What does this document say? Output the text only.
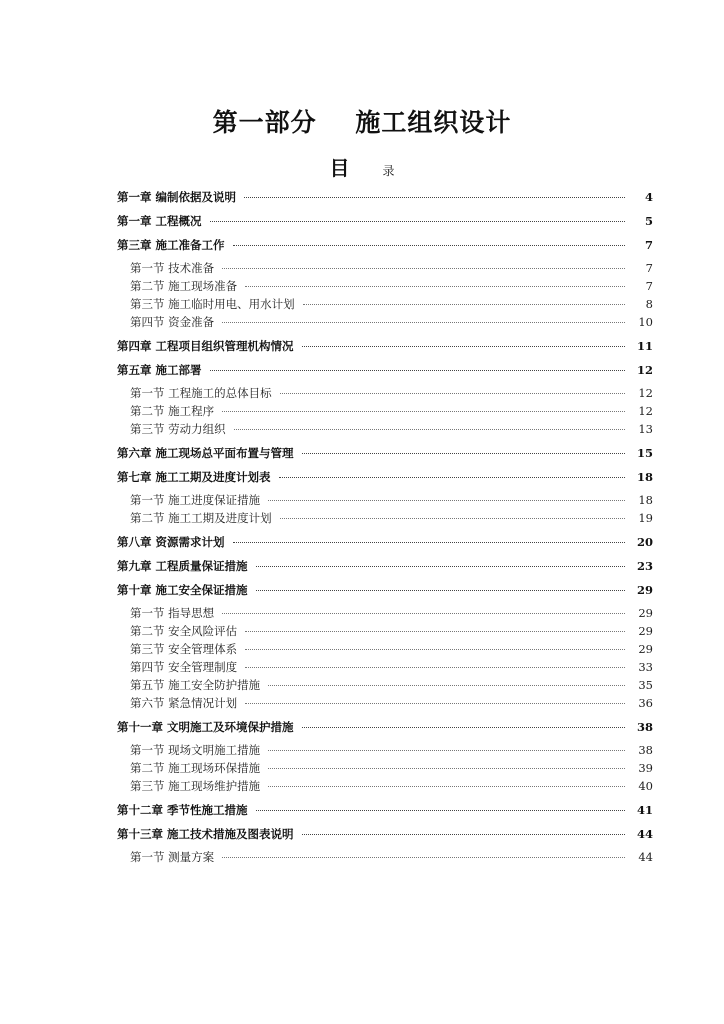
第一部分    施工组织设计
目	录
第一章 编制依据及说明	4
第一章 工程概况	5
第三章 施工准备工作	7
第一节 技术准备	7
第二节 施工现场准备	7
第三节 施工临时用电、用水计划	8
第四节 资金准备	10
第四章 工程项目组织管理机构情况	11
第五章 施工部署	12
第一节 工程施工的总体目标	12
第二节 施工程序	12
第三节 劳动力组织	13
第六章 施工现场总平面布置与管理	15
第七章 施工工期及进度计划表	18
第一节 施工进度保证措施	18
第二节 施工工期及进度计划	19
第八章 资源需求计划	20
第九章 工程质量保证措施	23
第十章 施工安全保证措施	29
第一节 指导思想	29
第二节 安全风险评估	29
第三节 安全管理体系	29
第四节 安全管理制度	33
第五节 施工安全防护措施	35
第六节 紧急情况计划	36
第十一章 文明施工及环境保护措施	38
第一节 现场文明施工措施	38
第二节 施工现场环保措施	39
第三节 施工现场维护措施	40
第十二章 季节性施工措施	41
第十三章 施工技术措施及图表说明	44
第一节 测量方案	44
